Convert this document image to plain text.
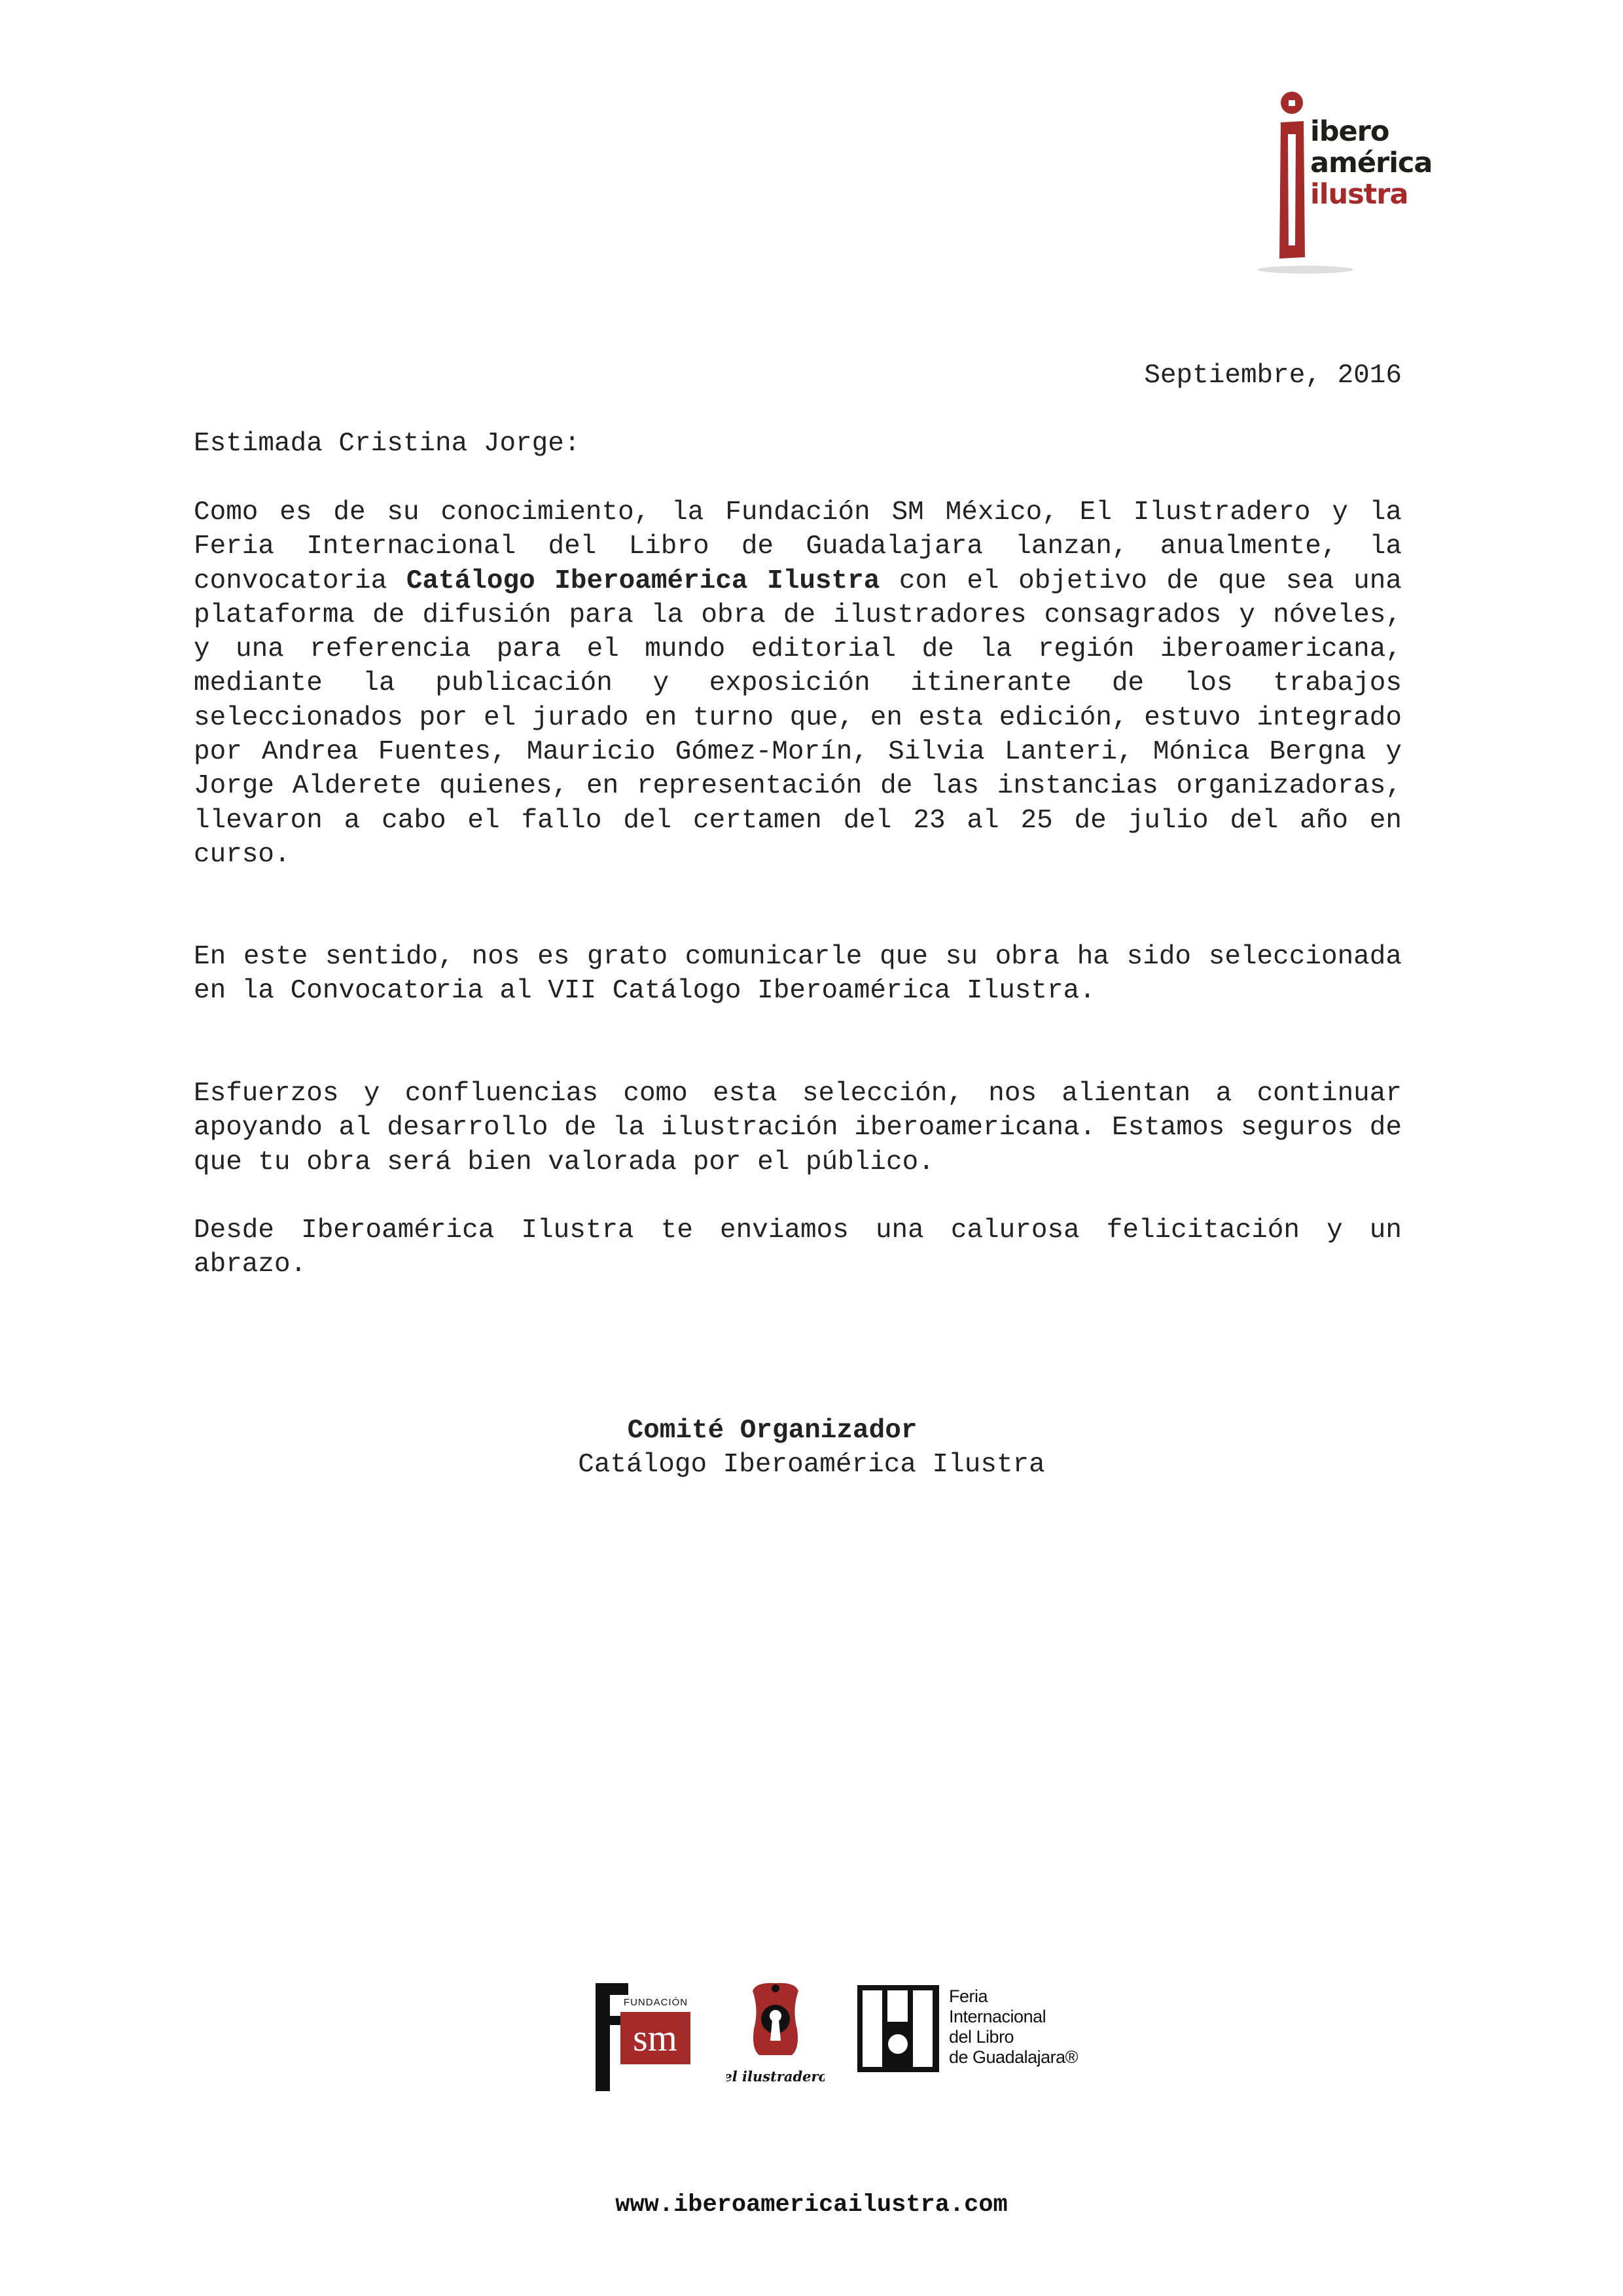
ibero
américa
ilustra
Septiembre, 2016
Estimada Cristina Jorge:
Como es de su conocimiento, la Fundación SM México, El Ilustradero y la Feria Internacional del Libro de Guadalajara lanzan, anualmente, la convocatoria Catálogo Iberoamérica Ilustra con el objetivo de que sea una plataforma de difusión para la obra de ilustradores consagrados y nóveles, y una referencia para el mundo editorial de la región iberoamericana, mediante la publicación y exposición itinerante de los trabajos seleccionados por el jurado en turno que, en esta edición, estuvo integrado por Andrea Fuentes, Mauricio Gómez-Morín, Silvia Lanteri, Mónica Bergna y Jorge Alderete quienes, en representación de las instancias organizadoras, llevaron a cabo el fallo del certamen del 23 al 25 de julio del año en curso.
En este sentido, nos es grato comunicarle que su obra ha sido seleccionada en la Convocatoria al VII Catálogo Iberoamérica Ilustra.
Esfuerzos y confluencias como esta selección, nos alientan a continuar apoyando al desarrollo de la ilustración iberoamericana. Estamos seguros de que tu obra será bien valorada por el público.
Desde Iberoamérica Ilustra te enviamos una calurosa felicitación y un abrazo.
Comité Organizador
Catálogo Iberoamérica Ilustra
sm
FUNDACIÓN
el ilustradero
Feria
Internacional
del Libro
de Guadalajara®
www.iberoamericailustra.com
